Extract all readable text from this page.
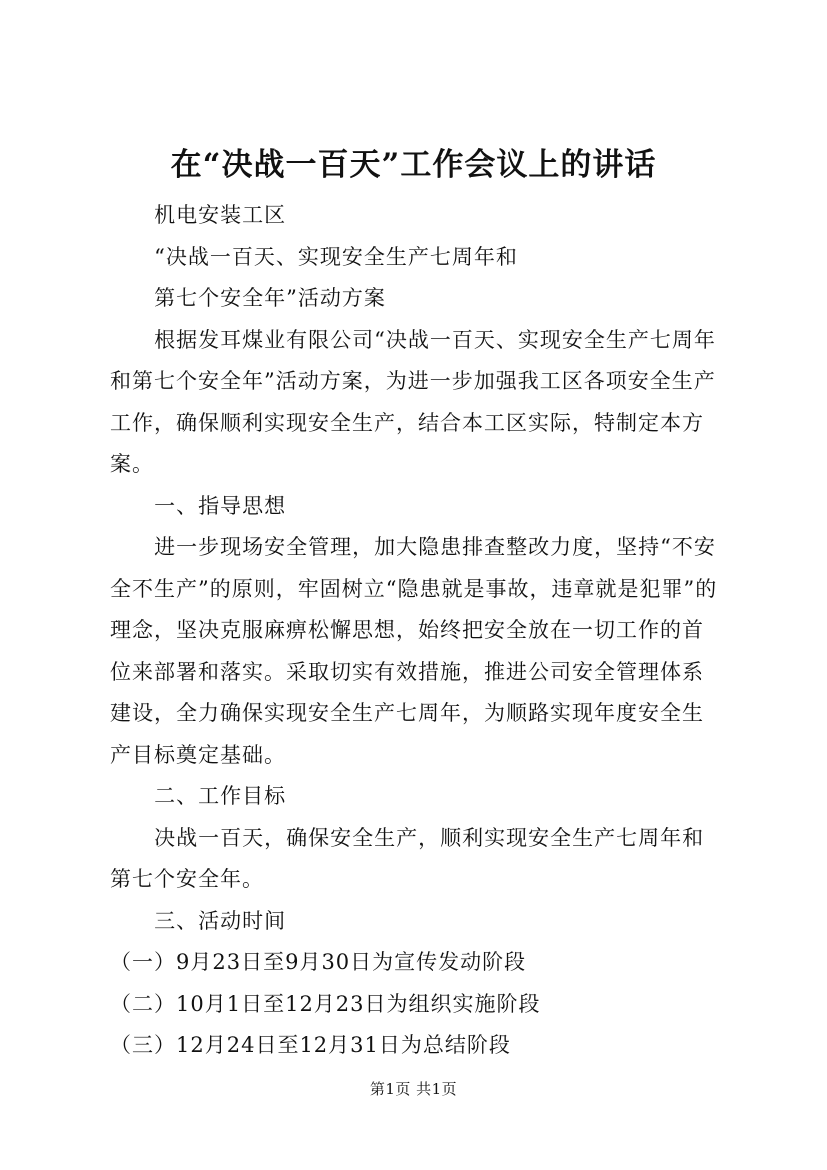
在“决战一百天”工作会议上的讲话

机电安装工区

“决战一百天、实现安全生产七周年和

第七个安全年”活动方案

根据发耳煤业有限公司“决战一百天、实现安全生产七周年和第七个安全年”活动方案，为进一步加强我工区各项安全生产工作，确保顺利实现安全生产，结合本工区实际，特制定本方案。

一、指导思想

进一步现场安全管理，加大隐患排查整改力度，坚持“不安全不生产”的原则，牢固树立“隐患就是事故，违章就是犯罪”的理念，坚决克服麻痹松懈思想，始终把安全放在一切工作的首位来部署和落实。采取切实有效措施，推进公司安全管理体系建设，全力确保实现安全生产七周年，为顺路实现年度安全生产目标奠定基础。

二、工作目标

决战一百天，确保安全生产，顺利实现安全生产七周年和第七个安全年。

三、活动时间

（一）9月23日至9月30日为宣传发动阶段

（二）10月1日至12月23日为组织实施阶段

（三）12月24日至12月31日为总结阶段

第1页 共1页
